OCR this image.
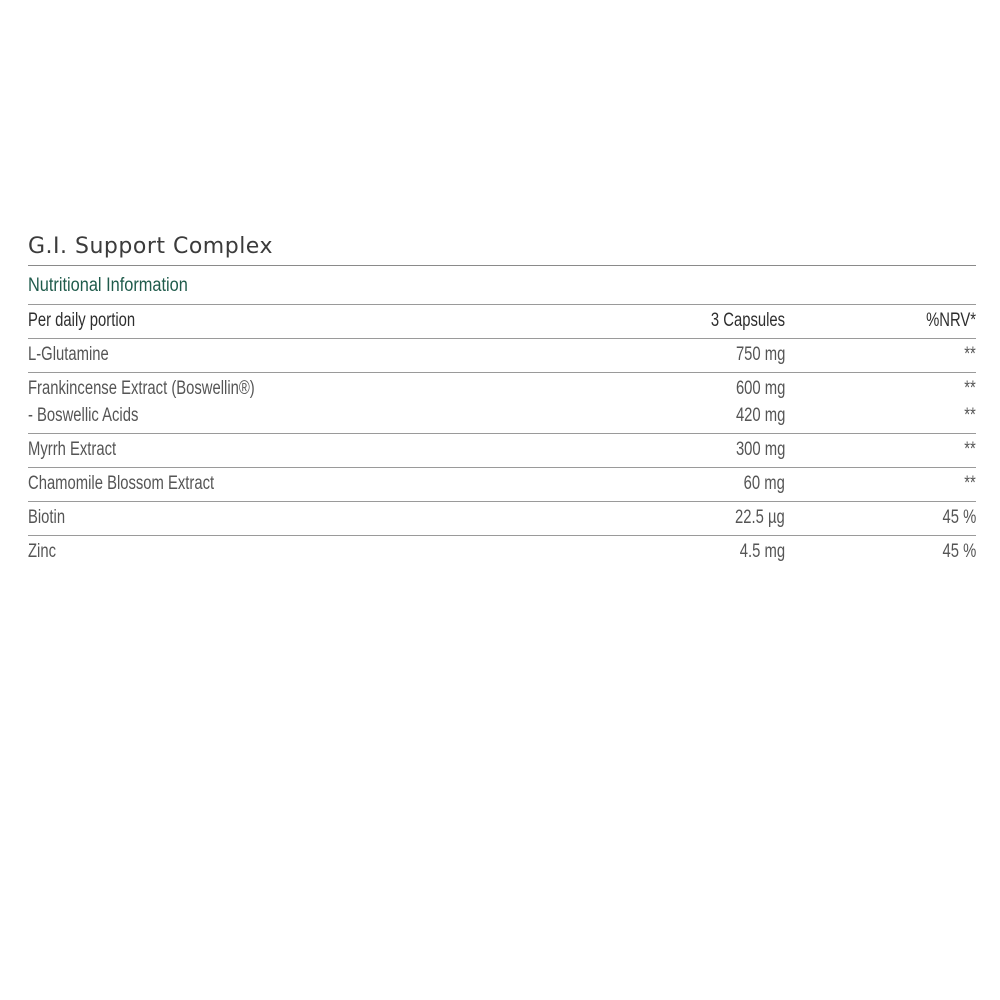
G.I. Support Complex
Nutritional Information
Per daily portion	3 Capsules	%NRV*
L-Glutamine	750 mg	**
Frankincense Extract (Boswellin®)	600 mg	**
- Boswellic Acids	420 mg	**
Myrrh Extract	300 mg	**
Chamomile Blossom Extract	60 mg	**
Biotin	22.5 µg	45 %
Zinc	4.5 mg	45 %
